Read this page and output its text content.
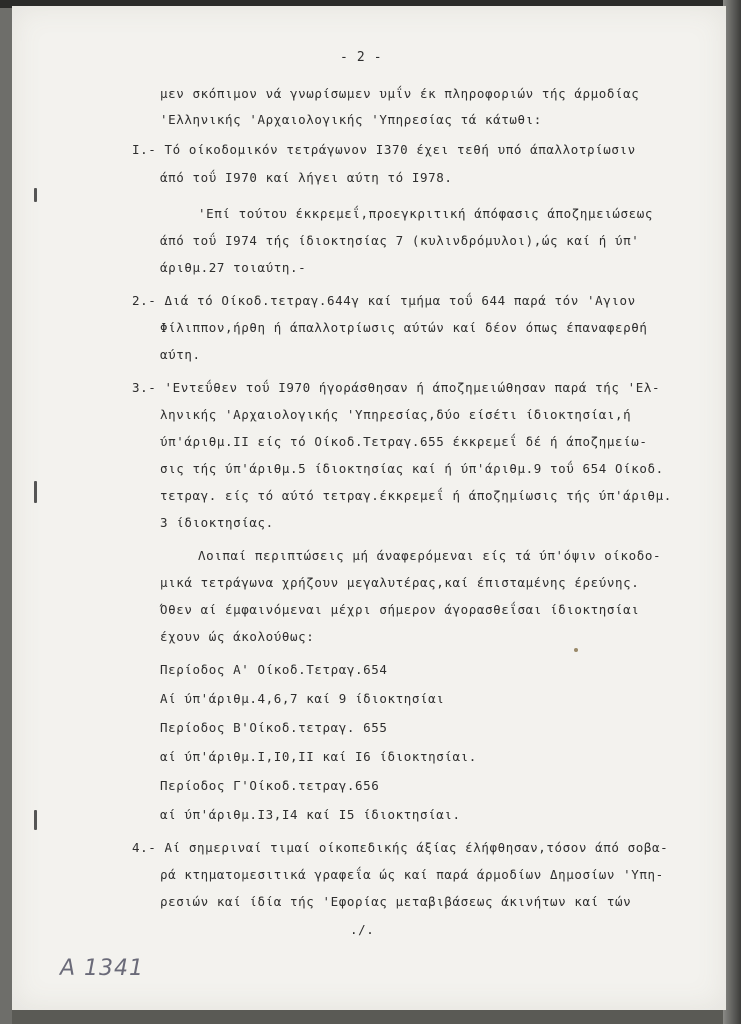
- 2 -
μεν σκόπιμον νά γνωρίσωμεν υμΐν έκ πληροφοριών τής άρμοδίας
'Ελληνικής 'Αρχαιολογικής 'Υπηρεσίας τά κάτωθι:
I.- Τό οίκοδομικόν τετράγωνον I370 έχει τεθή υπό άπαλλοτρίωσιν
άπό τοΰ I970 καί λήγει αύτη τό I978.
'Επί τούτου έκκρεμεΐ,προεγκριτική άπόφασις άποζημειώσεως
άπό τοΰ I974 τής ίδιοκτησίας 7 (κυλινδρόμυλοι),ώς καί ή ύπ'
άριθμ.27 τοιαύτη.-
2.- Διά τό Οίκοδ.τετραγ.644γ καί τμήμα τοΰ 644 παρά τόν 'Αγιον
Φίλιππον,ήρθη ή άπαλλοτρίωσις αύτών καί δέον όπως έπαναφερθή
αύτη.
3.- 'Εντεΰθεν τοΰ I970 ήγοράσθησαν ή άποζημειώθησαν παρά τής 'Ελ-
ληνικής 'Αρχαιολογικής 'Υπηρεσίας,δύο είσέτι ίδιοκτησίαι,ή
ύπ'άριθμ.II είς τό Οίκοδ.Τετραγ.655 έκκρεμεΐ δέ ή άποζημείω-
σις τής ύπ'άριθμ.5 ίδιοκτησίας καί ή ύπ'άριθμ.9 τοΰ 654 Οίκοδ.
τετραγ. είς τό αύτό τετραγ.έκκρεμεΐ ή άποζημίωσις τής ύπ'άριθμ.
3 ίδιοκτησίας.
Λοιπαί περιπτώσεις μή άναφερόμεναι είς τά ύπ'όψιν οίκοδο-
μικά τετράγωνα χρήζουν μεγαλυτέρας,καί έπισταμένης έρεύνης.
Όθεν αί έμφαινόμεναι μέχρι σήμερον άγορασθεΐσαι ίδιοκτησίαι
έχουν ώς άκολούθως:
Περίοδος Α' Οίκοδ.Τετραγ.654
Αί ύπ'άριθμ.4,6,7 καί 9 ίδιοκτησίαι
Περίοδος Β'Οίκοδ.τετραγ. 655
αί ύπ'άριθμ.Ι,Ι0,ΙΙ καί Ι6 ίδιοκτησίαι.
Περίοδος Γ'Οίκοδ.τετραγ.656
αί ύπ'άριθμ.Ι3,Ι4 καί Ι5 ίδιοκτησίαι.
4.- Αί σημεριναί τιμαί οίκοπεδικής άξίας έλήφθησαν,τόσον άπό σοβα-
ρά κτηματομεσιτικά γραφεΐα ώς καί παρά άρμοδίων Δημοσίων 'Υπη-
ρεσιών καί ίδία τής 'Εφορίας μεταβιβάσεως άκινήτων καί τών
./.
Α 1341
